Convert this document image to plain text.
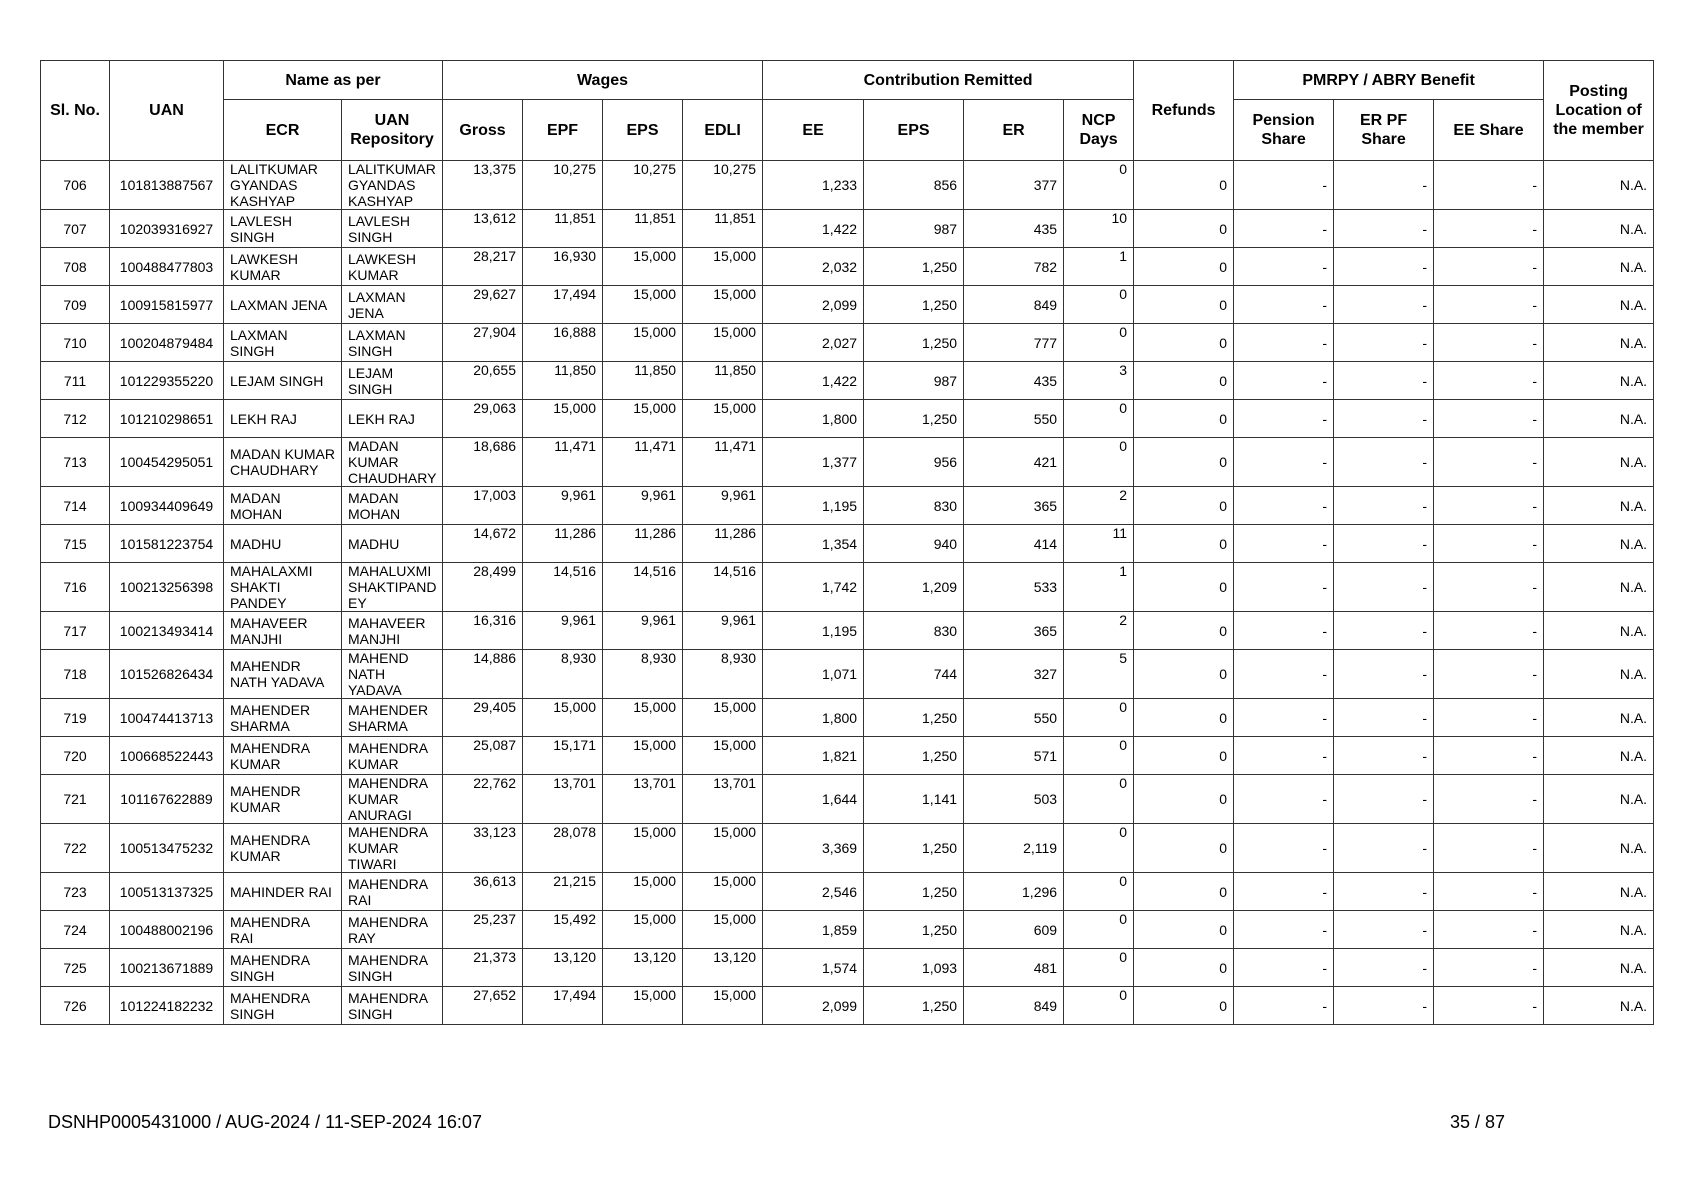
Sl. No.	UAN	Name as per		Wages				Contribution Remitted				Refunds	PMRPY / ABRY Benefit			Posting Location of the member
		ECR	UAN Repository	Gross	EPF	EPS	EDLI	EE	EPS	ER	NCP Days		Pension Share	ER PF Share	EE Share	
706	101813887567	LALITKUMAR GYANDAS KASHYAP	LALITKUMAR GYANDAS KASHYAP	13,375	10,275	10,275	10,275	1,233	856	377	0	0	-	-	-	N.A.
707	102039316927	LAVLESH SINGH	LAVLESH SINGH	13,612	11,851	11,851	11,851	1,422	987	435	10	0	-	-	-	N.A.
708	100488477803	LAWKESH KUMAR	LAWKESH KUMAR	28,217	16,930	15,000	15,000	2,032	1,250	782	1	0	-	-	-	N.A.
709	100915815977	LAXMAN JENA	LAXMAN JENA	29,627	17,494	15,000	15,000	2,099	1,250	849	0	0	-	-	-	N.A.
710	100204879484	LAXMAN SINGH	LAXMAN SINGH	27,904	16,888	15,000	15,000	2,027	1,250	777	0	0	-	-	-	N.A.
711	101229355220	LEJAM SINGH	LEJAM SINGH	20,655	11,850	11,850	11,850	1,422	987	435	3	0	-	-	-	N.A.
712	101210298651	LEKH RAJ	LEKH RAJ	29,063	15,000	15,000	15,000	1,800	1,250	550	0	0	-	-	-	N.A.
713	100454295051	MADAN KUMAR CHAUDHARY	MADAN KUMAR CHAUDHARY	18,686	11,471	11,471	11,471	1,377	956	421	0	0	-	-	-	N.A.
714	100934409649	MADAN MOHAN	MADAN MOHAN	17,003	9,961	9,961	9,961	1,195	830	365	2	0	-	-	-	N.A.
715	101581223754	MADHU	MADHU	14,672	11,286	11,286	11,286	1,354	940	414	11	0	-	-	-	N.A.
716	100213256398	MAHALAXMI SHAKTI PANDEY	MAHALUXMI SHAKTIPAND EY	28,499	14,516	14,516	14,516	1,742	1,209	533	1	0	-	-	-	N.A.
717	100213493414	MAHAVEER MANJHI	MAHAVEER MANJHI	16,316	9,961	9,961	9,961	1,195	830	365	2	0	-	-	-	N.A.
718	101526826434	MAHENDR NATH YADAVA	MAHEND NATH YADAVA	14,886	8,930	8,930	8,930	1,071	744	327	5	0	-	-	-	N.A.
719	100474413713	MAHENDER SHARMA	MAHENDER SHARMA	29,405	15,000	15,000	15,000	1,800	1,250	550	0	0	-	-	-	N.A.
720	100668522443	MAHENDRA KUMAR	MAHENDRA KUMAR	25,087	15,171	15,000	15,000	1,821	1,250	571	0	0	-	-	-	N.A.
721	101167622889	MAHENDR KUMAR	MAHENDRA KUMAR ANURAGI	22,762	13,701	13,701	13,701	1,644	1,141	503	0	0	-	-	-	N.A.
722	100513475232	MAHENDRA KUMAR	MAHENDRA KUMAR TIWARI	33,123	28,078	15,000	15,000	3,369	1,250	2,119	0	0	-	-	-	N.A.
723	100513137325	MAHINDER RAI	MAHENDRA RAI	36,613	21,215	15,000	15,000	2,546	1,250	1,296	0	0	-	-	-	N.A.
724	100488002196	MAHENDRA RAI	MAHENDRA RAY	25,237	15,492	15,000	15,000	1,859	1,250	609	0	0	-	-	-	N.A.
725	100213671889	MAHENDRA SINGH	MAHENDRA SINGH	21,373	13,120	13,120	13,120	1,574	1,093	481	0	0	-	-	-	N.A.
726	101224182232	MAHENDRA SINGH	MAHENDRA SINGH	27,652	17,494	15,000	15,000	2,099	1,250	849	0	0	-	-	-	N.A.
DSNHP0005431000 / AUG-2024 / 11-SEP-2024 16:07	35 / 87
